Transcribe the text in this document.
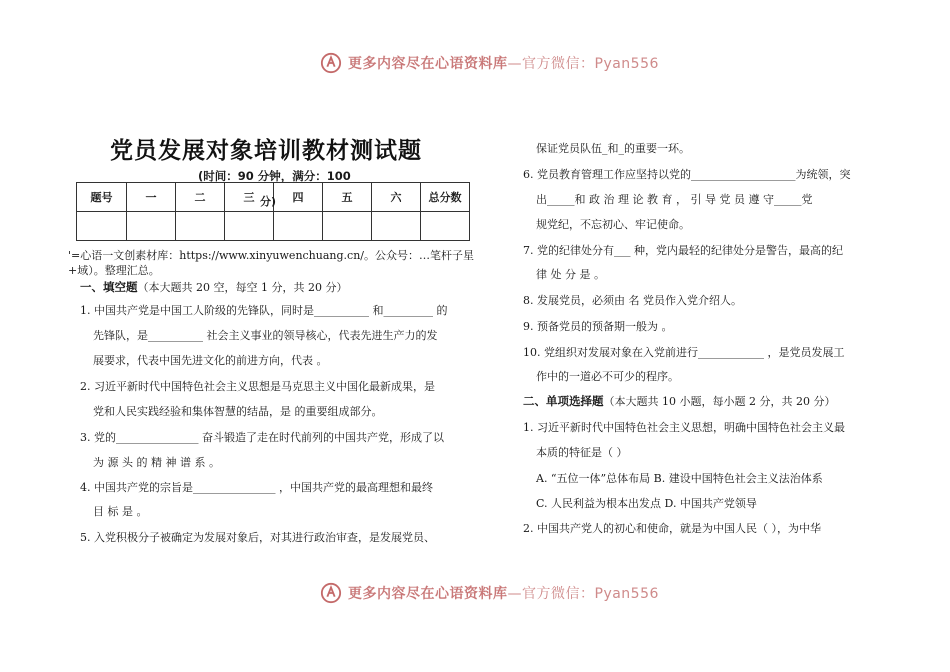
更多内容尽在心语资料库—官方微信：Pyan556
党员发展对象培训教材测试题
(时间：90 分钟，满分：100
题号	一	二	三	四	五	六	总分数

分)
'=心语一文创素材库：https://www.xinyuwenchuang.cn/。公众号：…笔杆子星+域）。整理汇总。
一、填空题（本大题共 20 空，每空 1 分，共 20 分）
1. 中国共产党是中国工人阶级的先锋队，同时是__________ 和_________ 的
先锋队，是__________ 社会主义事业的领导核心，代表先进生产力的发
展要求，代表中国先进文化的前进方向，代表 。
2. 习近平新时代中国特色社会主义思想是马克思主义中国化最新成果，是
党和人民实践经验和集体智慧的结晶，是 的重要组成部分。
3. 党的_______________ 奋斗锻造了走在时代前列的中国共产党，形成了以
为 源 头 的 精 神 谱 系 。
4. 中国共产党的宗旨是_______________ ，中国共产党的最高理想和最终
目 标 是 。
5. 入党积极分子被确定为发展对象后，对其进行政治审查，是发展党员、
保证党员队伍_和_的重要一环。
6. 党员教育管理工作应坚持以党的___________________为统领，突
出_____和 政 治 理 论 教 育 ， 引 导 党 员 遵 守_____党
规党纪，不忘初心、牢记使命。
7. 党的纪律处分有___ 种，党内最轻的纪律处分是警告，最高的纪
律 处 分 是 。
8. 发展党员，必须由 名 党员作入党介绍人。
9. 预备党员的预备期一般为 。
10. 党组织对发展对象在入党前进行____________ ，是党员发展工
作中的一道必不可少的程序。
二、单项选择题（本大题共 10 小题，每小题 2 分，共 20 分）
1. 习近平新时代中国特色社会主义思想，明确中国特色社会主义最
本质的特征是（ ）
A. “五位一体”总体布局 B. 建设中国特色社会主义法治体系
C. 人民利益为根本出发点 D. 中国共产党领导
2. 中国共产党人的初心和使命，就是为中国人民（ ），为中华
更多内容尽在心语资料库—官方微信：Pyan556
